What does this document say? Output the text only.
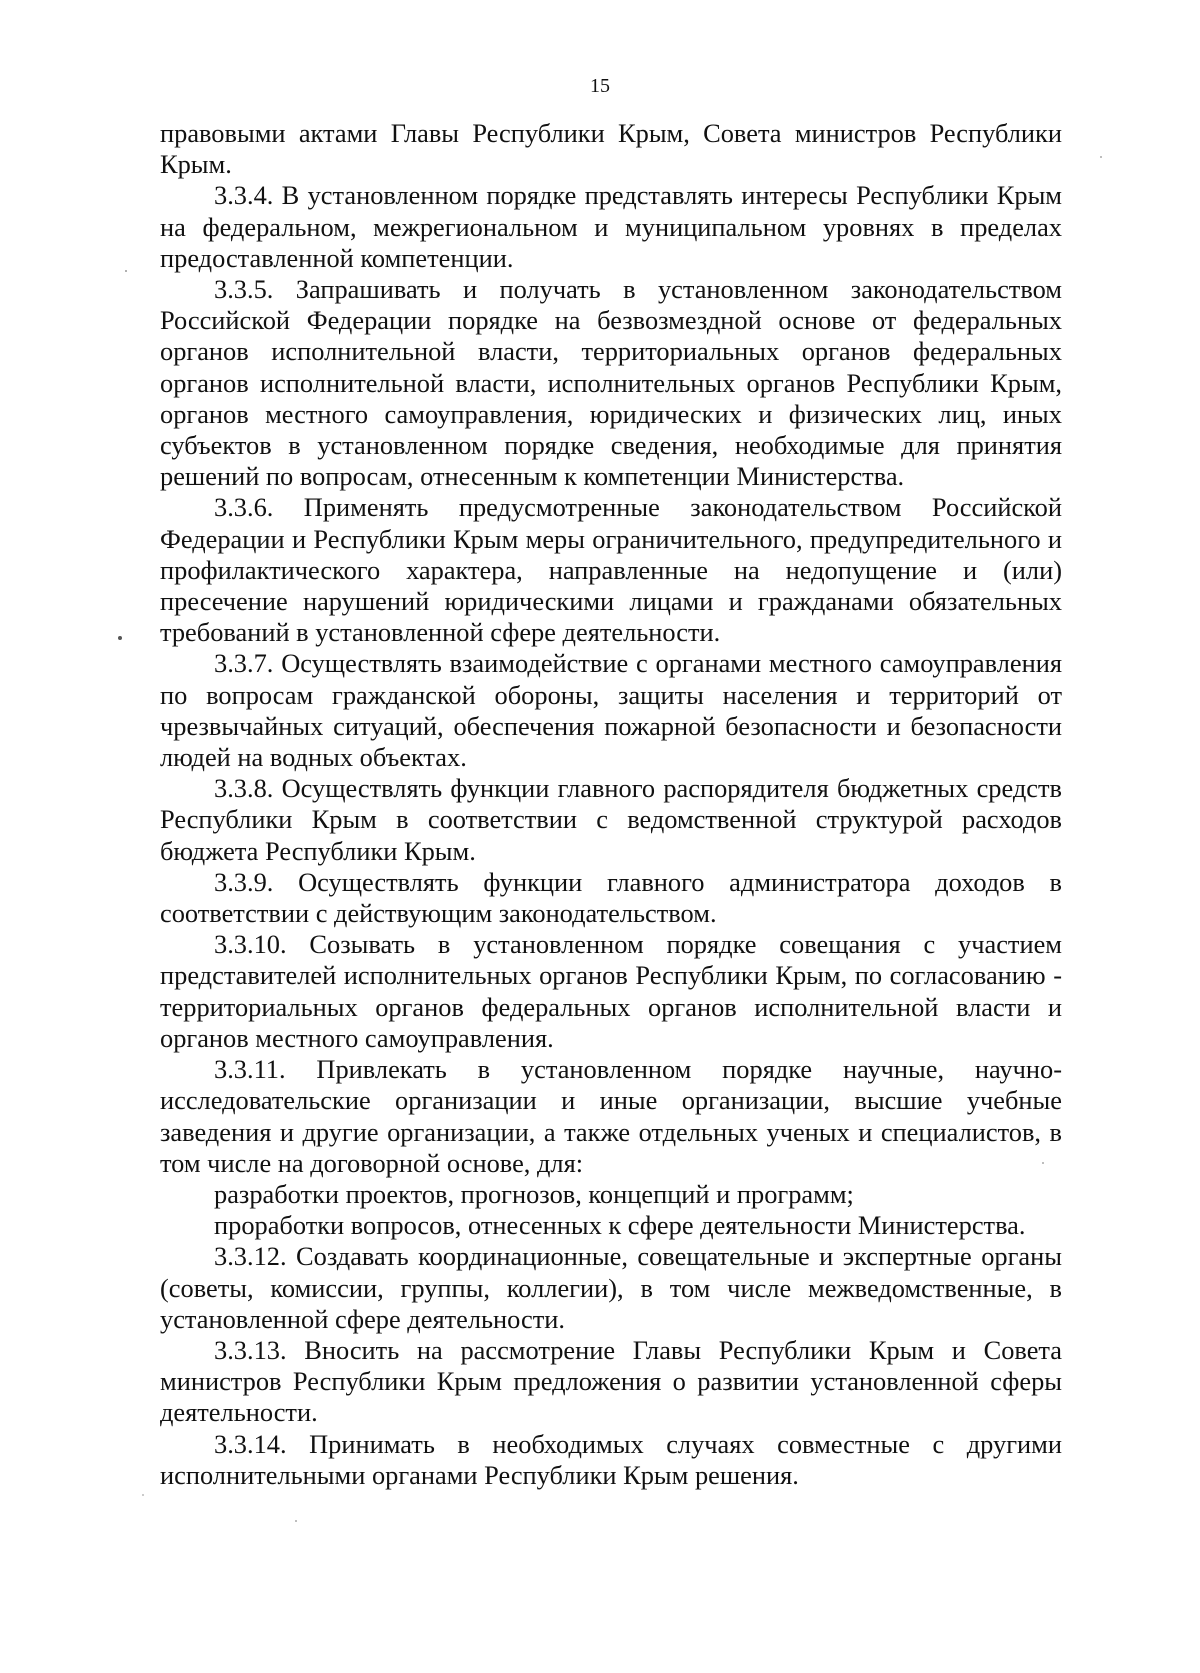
15

правовыми актами Главы Республики Крым, Совета министров Республики Крым.

3.3.4. В установленном порядке представлять интересы Республики Крым на федеральном, межрегиональном и муниципальном уровнях в пределах предоставленной компетенции.

3.3.5. Запрашивать и получать в установленном законодательством Российской Федерации порядке на безвозмездной основе от федеральных органов исполнительной власти, территориальных органов федеральных органов исполнительной власти, исполнительных органов Республики Крым, органов местного самоуправления, юридических и физических лиц, иных субъектов в установленном порядке сведения, необходимые для принятия решений по вопросам, отнесенным к компетенции Министерства.

3.3.6. Применять предусмотренные законодательством Российской Федерации и Республики Крым меры ограничительного, предупредительного и профилактического характера, направленные на недопущение и (или) пресечение нарушений юридическими лицами и гражданами обязательных требований в установленной сфере деятельности.

3.3.7. Осуществлять взаимодействие с органами местного самоуправления по вопросам гражданской обороны, защиты населения и территорий от чрезвычайных ситуаций, обеспечения пожарной безопасности и безопасности людей на водных объектах.

3.3.8. Осуществлять функции главного распорядителя бюджетных средств Республики Крым в соответствии с ведомственной структурой расходов бюджета Республики Крым.

3.3.9. Осуществлять функции главного администратора доходов в соответствии с действующим законодательством.

3.3.10. Созывать в установленном порядке совещания с участием представителей исполнительных органов Республики Крым, по согласованию - территориальных органов федеральных органов исполнительной власти и органов местного самоуправления.

3.3.11. Привлекать в установленном порядке научные, научно-исследовательские организации и иные организации, высшие учебные заведения и другие организации, а также отдельных ученых и специалистов, в том числе на договорной основе, для:

разработки проектов, прогнозов, концепций и программ;

проработки вопросов, отнесенных к сфере деятельности Министерства.

3.3.12. Создавать координационные, совещательные и экспертные органы (советы, комиссии, группы, коллегии), в том числе межведомственные, в установленной сфере деятельности.

3.3.13. Вносить на рассмотрение Главы Республики Крым и Совета министров Республики Крым предложения о развитии установленной сферы деятельности.

3.3.14. Принимать в необходимых случаях совместные с другими исполнительными органами Республики Крым решения.
